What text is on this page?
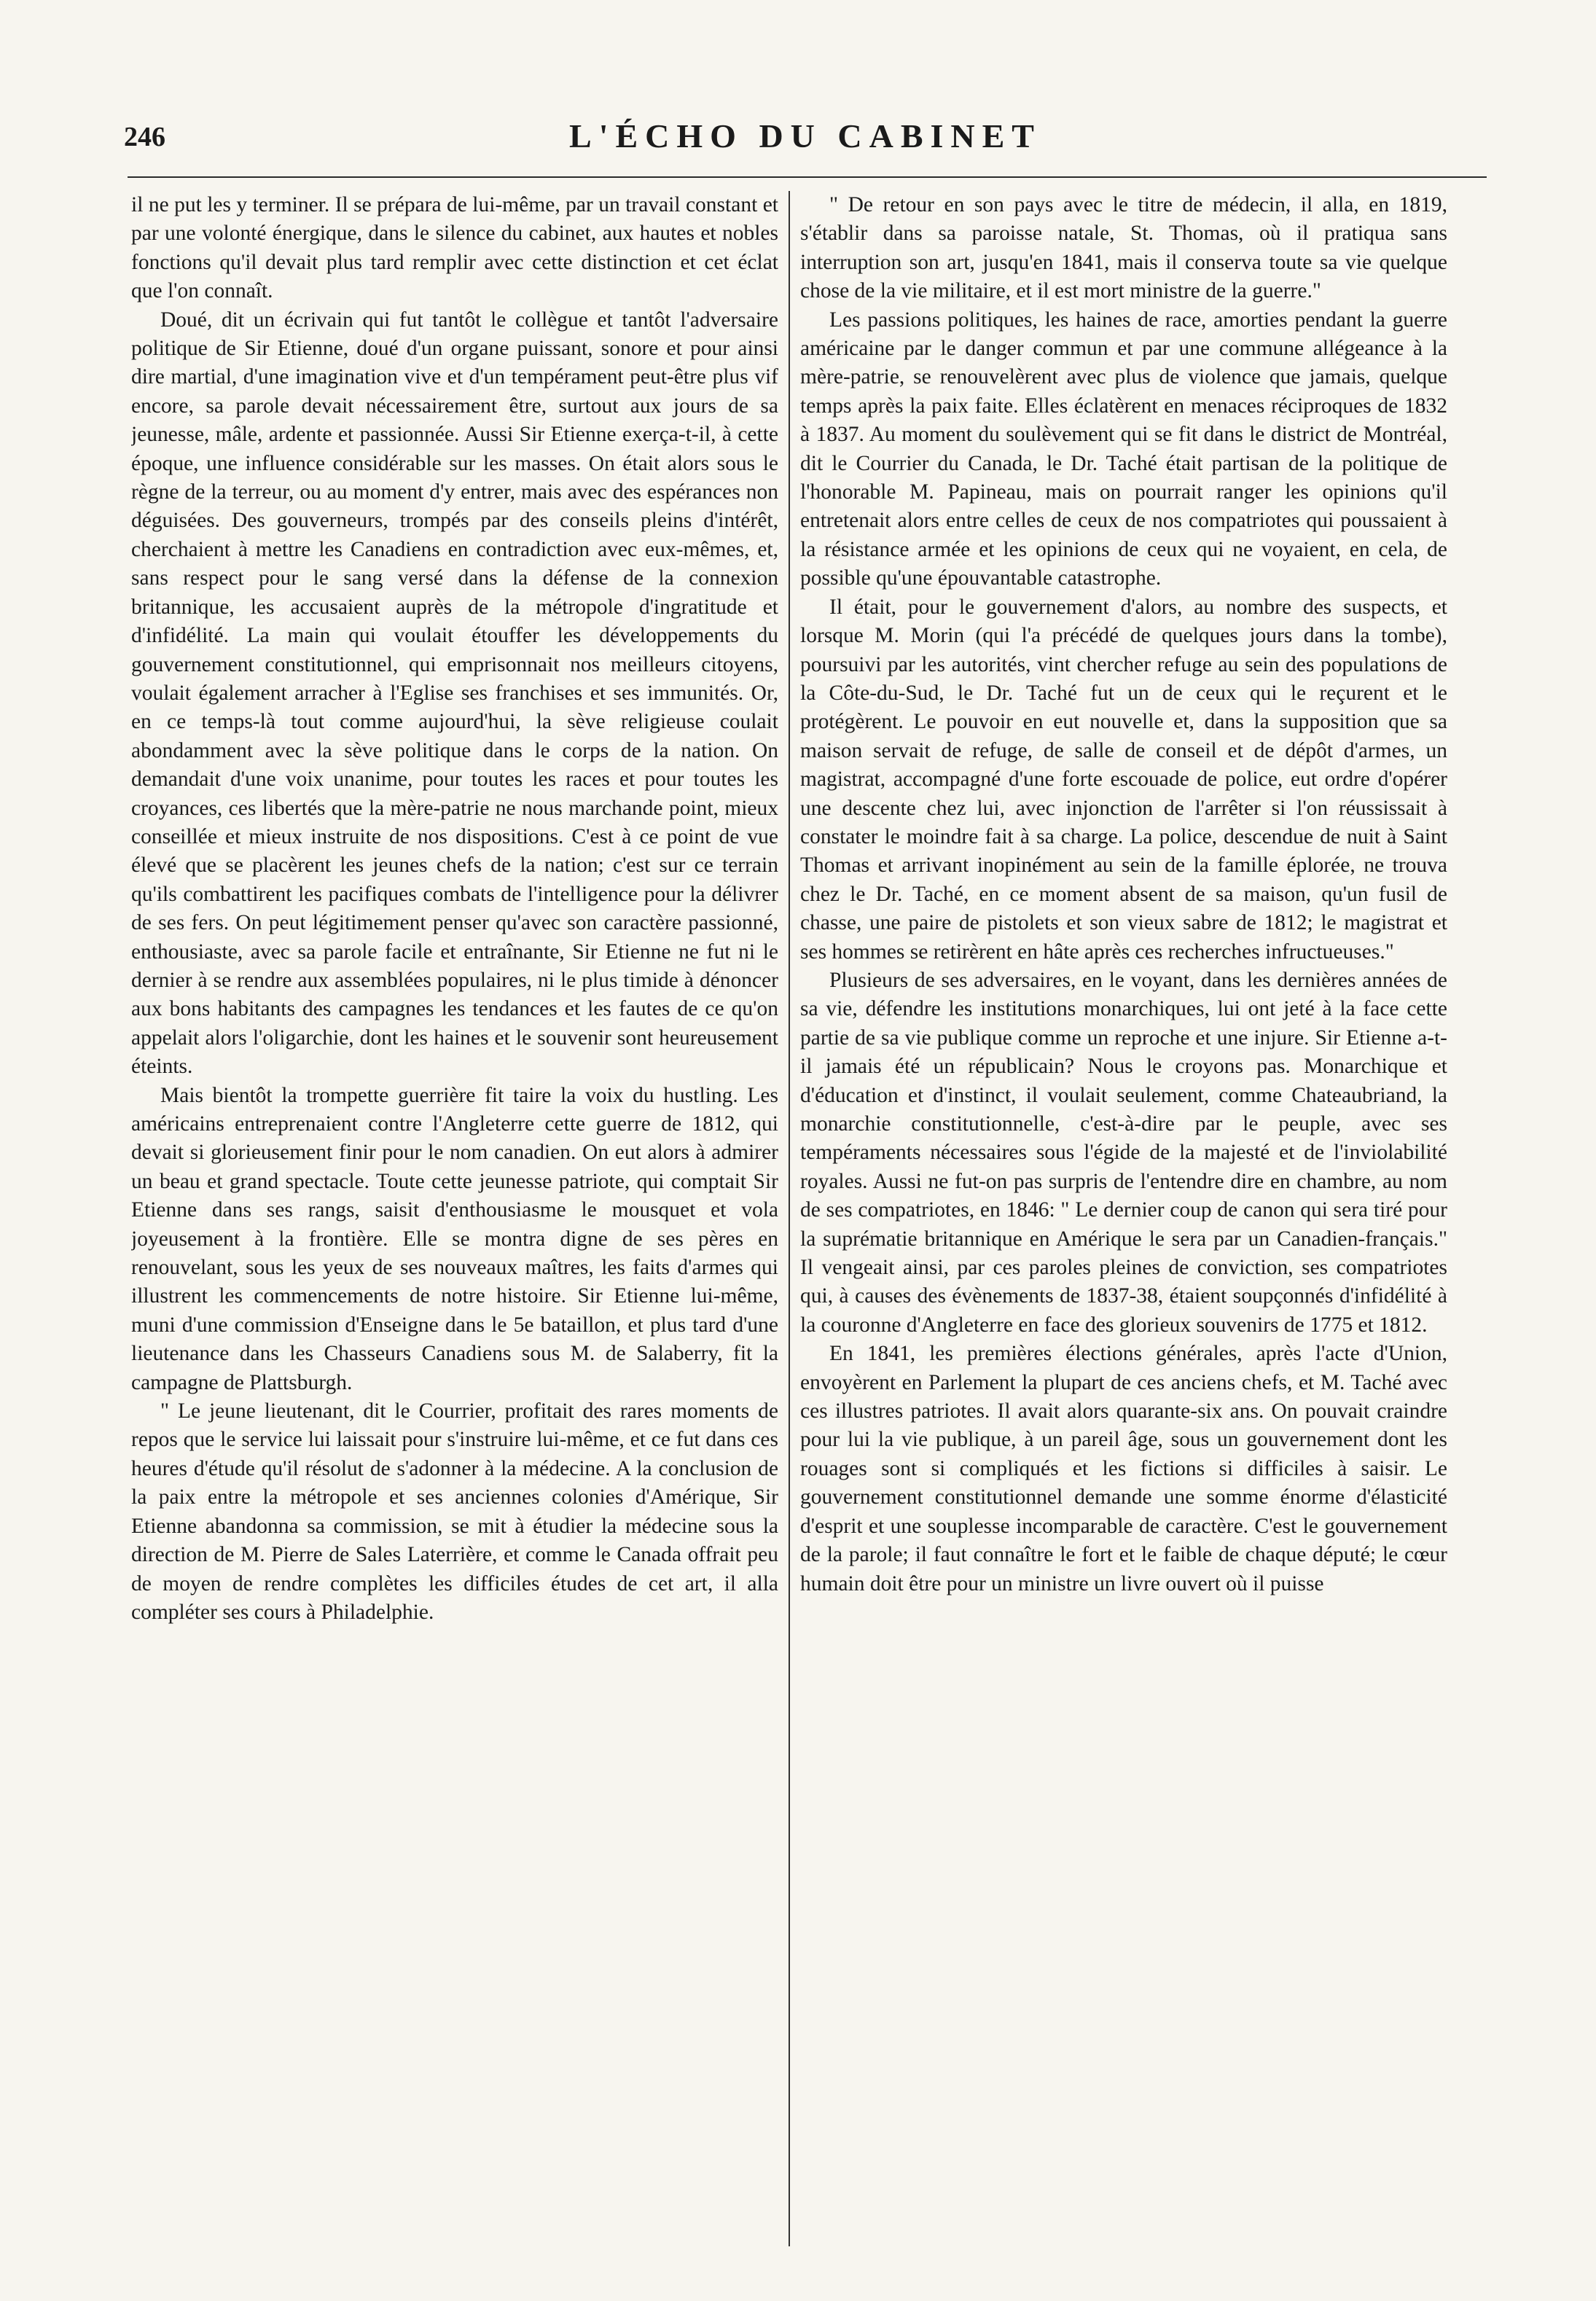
246	L'ÉCHO DU CABINET

il ne put les y terminer. Il se prépara de lui-même, par un travail constant et par une volonté énergique, dans le silence du cabinet, aux hautes et nobles fonctions qu'il devait plus tard remplir avec cette distinction et cet éclat que l'on connaît.

Doué, dit un écrivain qui fut tantôt le collègue et tantôt l'adversaire politique de Sir Etienne, doué d'un organe puissant, sonore et pour ainsi dire martial, d'une imagination vive et d'un tempérament peut-être plus vif encore, sa parole devait nécessairement être, surtout aux jours de sa jeunesse, mâle, ardente et passionnée. Aussi Sir Etienne exerça-t-il, à cette époque, une influence considérable sur les masses. On était alors sous le règne de la terreur, ou au moment d'y entrer, mais avec des espérances non déguisées. Des gouverneurs, trompés par des conseils pleins d'intérêt, cherchaient à mettre les Canadiens en contradiction avec eux-mêmes, et, sans respect pour le sang versé dans la défense de la connexion britannique, les accusaient auprès de la métropole d'ingratitude et d'infidélité. La main qui voulait étouffer les développements du gouvernement constitutionnel, qui emprisonnait nos meilleurs citoyens, voulait également arracher à l'Eglise ses franchises et ses immunités. Or, en ce temps-là tout comme aujourd'hui, la sève religieuse coulait abondamment avec la sève politique dans le corps de la nation. On demandait d'une voix unanime, pour toutes les races et pour toutes les croyances, ces libertés que la mère-patrie ne nous marchande point, mieux conseillée et mieux instruite de nos dispositions. C'est à ce point de vue élevé que se placèrent les jeunes chefs de la nation; c'est sur ce terrain qu'ils combattirent les pacifiques combats de l'intelligence pour la délivrer de ses fers. On peut légitimement penser qu'avec son caractère passionné, enthousiaste, avec sa parole facile et entraînante, Sir Etienne ne fut ni le dernier à se rendre aux assemblées populaires, ni le plus timide à dénoncer aux bons habitants des campagnes les tendances et les fautes de ce qu'on appelait alors l'oligarchie, dont les haines et le souvenir sont heureusement éteints.

Mais bientôt la trompette guerrière fit taire la voix du hustling. Les américains entreprenaient contre l'Angleterre cette guerre de 1812, qui devait si glorieusement finir pour le nom canadien. On eut alors à admirer un beau et grand spectacle. Toute cette jeunesse patriote, qui comptait Sir Etienne dans ses rangs, saisit d'enthousiasme le mousquet et vola joyeusement à la frontière. Elle se montra digne de ses pères en renouvelant, sous les yeux de ses nouveaux maîtres, les faits d'armes qui illustrent les commencements de notre histoire. Sir Etienne lui-même, muni d'une commission d'Enseigne dans le 5e bataillon, et plus tard d'une lieutenance dans les Chasseurs Canadiens sous M. de Salaberry, fit la campagne de Plattsburgh.

" Le jeune lieutenant, dit le Courrier, profitait des rares moments de repos que le service lui laissait pour s'instruire lui-même, et ce fut dans ces heures d'étude qu'il résolut de s'adonner à la médecine. A la conclusion de la paix entre la métropole et ses anciennes colonies d'Amérique, Sir Etienne abandonna sa commission, se mit à étudier la médecine sous la direction de M. Pierre de Sales Laterrière, et comme le Canada offrait peu de moyen de rendre complètes les difficiles études de cet art, il alla compléter ses cours à Philadelphie.

" De retour en son pays avec le titre de médecin, il alla, en 1819, s'établir dans sa paroisse natale, St. Thomas, où il pratiqua sans interruption son art, jusqu'en 1841, mais il conserva toute sa vie quelque chose de la vie militaire, et il est mort ministre de la guerre."

Les passions politiques, les haines de race, amorties pendant la guerre américaine par le danger commun et par une commune allégeance à la mère-patrie, se renouvelèrent avec plus de violence que jamais, quelque temps après la paix faite. Elles éclatèrent en menaces réciproques de 1832 à 1837. Au moment du soulèvement qui se fit dans le district de Montréal, dit le Courrier du Canada, le Dr. Taché était partisan de la politique de l'honorable M. Papineau, mais on pourrait ranger les opinions qu'il entretenait alors entre celles de ceux de nos compatriotes qui poussaient à la résistance armée et les opinions de ceux qui ne voyaient, en cela, de possible qu'une épouvantable catastrophe.

Il était, pour le gouvernement d'alors, au nombre des suspects, et lorsque M. Morin (qui l'a précédé de quelques jours dans la tombe), poursuivi par les autorités, vint chercher refuge au sein des populations de la Côte-du-Sud, le Dr. Taché fut un de ceux qui le reçurent et le protégèrent. Le pouvoir en eut nouvelle et, dans la supposition que sa maison servait de refuge, de salle de conseil et de dépôt d'armes, un magistrat, accompagné d'une forte escouade de police, eut ordre d'opérer une descente chez lui, avec injonction de l'arrêter si l'on réussissait à constater le moindre fait à sa charge. La police, descendue de nuit à Saint Thomas et arrivant inopinément au sein de la famille éplorée, ne trouva chez le Dr. Taché, en ce moment absent de sa maison, qu'un fusil de chasse, une paire de pistolets et son vieux sabre de 1812; le magistrat et ses hommes se retirèrent en hâte après ces recherches infructueuses."

Plusieurs de ses adversaires, en le voyant, dans les dernières années de sa vie, défendre les institutions monarchiques, lui ont jeté à la face cette partie de sa vie publique comme un reproche et une injure. Sir Etienne a-t-il jamais été un républicain? Nous le croyons pas. Monarchique et d'éducation et d'instinct, il voulait seulement, comme Chateaubriand, la monarchie constitutionnelle, c'est-à-dire par le peuple, avec ses tempéraments nécessaires sous l'égide de la majesté et de l'inviolabilité royales. Aussi ne fut-on pas surpris de l'entendre dire en chambre, au nom de ses compatriotes, en 1846: " Le dernier coup de canon qui sera tiré pour la suprématie britannique en Amérique le sera par un Canadien-français." Il vengeait ainsi, par ces paroles pleines de conviction, ses compatriotes qui, à causes des évènements de 1837-38, étaient soupçonnés d'infidélité à la couronne d'Angleterre en face des glorieux souvenirs de 1775 et 1812.

En 1841, les premières élections générales, après l'acte d'Union, envoyèrent en Parlement la plupart de ces anciens chefs, et M. Taché avec ces illustres patriotes. Il avait alors quarante-six ans. On pouvait craindre pour lui la vie publique, à un pareil âge, sous un gouvernement dont les rouages sont si compliqués et les fictions si difficiles à saisir. Le gouvernement constitutionnel demande une somme énorme d'élasticité d'esprit et une souplesse incomparable de caractère. C'est le gouvernement de la parole; il faut connaître le fort et le faible de chaque député; le cœur humain doit être pour un ministre un livre ouvert où il puisse
